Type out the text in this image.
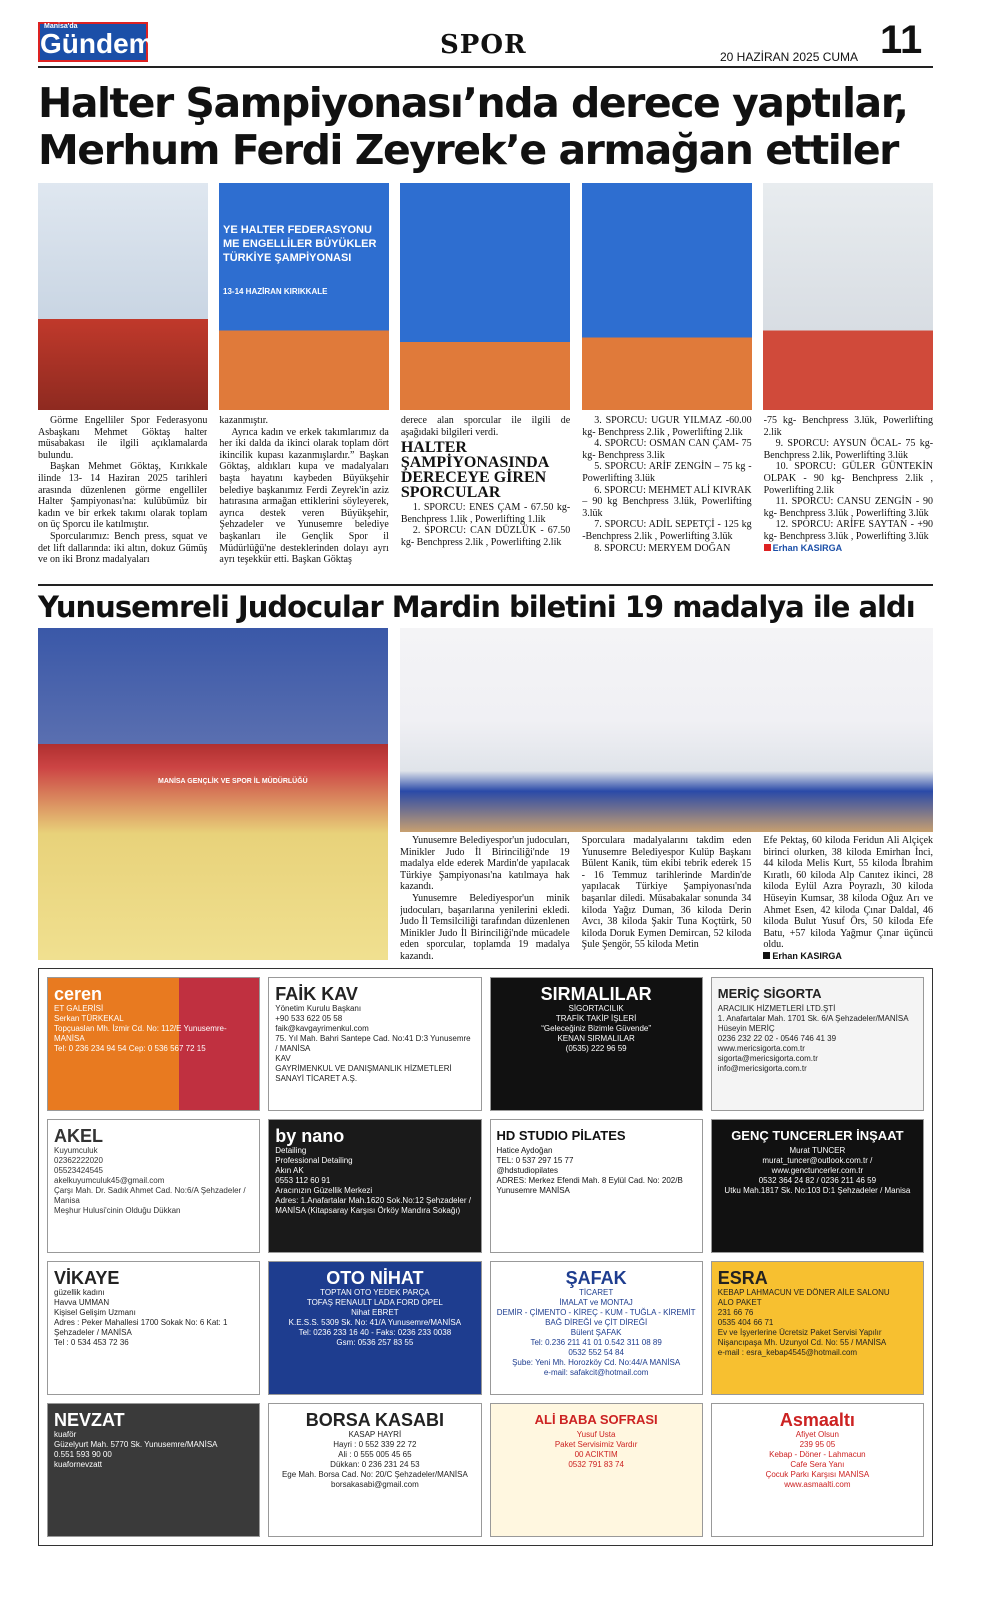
Manisa'da
Gündem	SPOR	20 HAZİRAN 2025 CUMA 11
Halter Şampiyonası’nda derece yaptılar,
Merhum Ferdi Zeyrek’e armağan ettiler
YE HALTER FEDERASYONU
ME ENGELLİLER BÜYÜKLER
TÜRKİYE ŞAMPİYONASI
13-14 HAZİRAN KIRIKKALE

Görme Engelliler Spor Federasyonu Asbaşkanı Mehmet Göktaş halter müsabakası ile ilgili açıklamalarda bulundu.

Başkan Mehmet Göktaş, Kırıkkale ilinde 13- 14 Haziran 2025 tarihleri arasında düzenlenen görme engelliler Halter Şampiyonası'na: kulübümüz bir kadın ve bir erkek takımı olarak toplam on üç Sporcu ile katılmıştır.

Sporcularımız: Bench press, squat ve det lift dallarında: iki altın, dokuz Gümüş ve on iki Bronz madalyaları

kazanmıştır.

Ayrıca kadın ve erkek takımlarımız da her iki dalda da ikinci olarak toplam dört ikincilik kupası kazanmışlardır.” Başkan Göktaş, aldıkları kupa ve madalyaları başta hayatını kaybeden Büyükşehir belediye başkanımız Ferdi Zeyrek'in aziz hatırasına armağan ettiklerini söyleyerek, ayrıca destek veren Büyükşehir, Şehzadeler ve Yunusemre belediye başkanları ile Gençlik Spor il Müdürlüğü'ne desteklerinden dolayı ayrı ayrı teşekkür etti. Başkan Göktaş

derece alan sporcular ile ilgili de aşağıdaki bilgileri verdi.

HALTER ŞAMPİYONASINDA DERECEYE GİREN SPORCULAR

1. SPORCU: ENES ÇAM - 67.50 kg- Benchpress 1.lik , Powerlifting 1.lik

2. SPORCU: CAN DÜZLÜK - 67.50 kg- Benchpress 2.lik , Powerlifting 2.lik

3. SPORCU: UĞUR YILMAZ -60.00 kg- Benchpress 2.lik , Powerlifting 2.lik

4. SPORCU: OSMAN CAN ÇAM- 75 kg- Benchpress 3.lik

5. SPORCU: ARİF ZENGİN – 75 kg - Powerlifting 3.lük

6. SPORCU: MEHMET ALİ KIVRAK – 90 kg Benchpress 3.lük, Powerlifting 3.lük

7. SPORCU: ADİL SEPETÇİ - 125 kg -Benchpress 2.lik , Powerlifting 3.lük

8. SPORCU: MERYEM DOĞAN

-75 kg- Benchpress 3.lük, Powerlifting 2.lik

9. SPORCU: AYSUN ÖCAL- 75 kg- Benchpress 2.lik, Powerlifting 3.lük

10. SPORCU: GÜLER GÜNTEKİN OLPAK - 90 kg- Benchpress 2.lik , Powerlifting 2.lik

11. SPORCU: CANSU ZENGİN - 90 kg- Benchpress 3.lük , Powerlifting 3.lük

12. SPORCU: ARİFE SAYTAN - +90 kg- Benchpress 3.lük , Powerlifting 3.lük

Erhan KASIRGA
Yunusemreli Judocular Mardin biletini 19 madalya ile aldı
MANİSA GENÇLİK VE SPOR İL MÜDÜRLÜĞÜ

Yunusemre Belediyespor'un judocuları, Minikler Judo İl Birinciliği'nde 19 madalya elde ederek Mardin'de yapılacak Türkiye Şampiyonası'na katılmaya hak kazandı.

Yunusemre Belediyespor'un minik judocuları, başarılarına yenilerini ekledi. Judo İl Temsilciliği tarafından düzenlenen Minikler Judo İl Birinciliği'nde mücadele eden sporcular, toplamda 19 madalya kazandı.

Sporculara madalyalarını takdim eden Yunusemre Belediyespor Kulüp Başkanı Bülent Kanik, tüm ekibi tebrik ederek 15 - 16 Temmuz tarihlerinde Mardin'de yapılacak Türkiye Şampiyonası'nda başarılar diledi. Müsabakalar sonunda 34 kiloda Yağız Duman, 36 kiloda Derin Avcı, 38 kiloda Şakir Tuna Koçtürk, 50 kiloda Doruk Eymen Demircan, 52 kiloda Şule Şengör, 55 kiloda Metin

Efe Pektaş, 60 kiloda Feridun Ali Alçiçek birinci olurken, 38 kiloda Emirhan İnci, 44 kiloda Melis Kurt, 55 kiloda İbrahim Kıratlı, 60 kiloda Alp Canıtez ikinci, 28 kiloda Eylül Azra Poyrazlı, 30 kiloda Hüseyin Kumsar, 38 kiloda Oğuz Arı ve Ahmet Esen, 42 kiloda Çınar Daldal, 46 kiloda Bulut Yusuf Örs, 50 kiloda Efe Batu, +57 kiloda Yağmur Çınar üçüncü oldu.

Erhan KASIRGA
ceren
ET GALERİSİ
Serkan TÜRKEKAL
Topçuaslan Mh. İzmir Cd. No: 112/E Yunusemre-MANİSA
Tel: 0 236 234 94 54 Cep: 0 536 567 72 15
FAİK KAV
Yönetim Kurulu Başkanı
+90 533 622 05 58
faik@kavgayrimenkul.com
75. Yıl Mah. Bahri Santepe Cad. No:41 D:3 Yunusemre / MANİSA
KAV
GAYRİMENKUL VE DANIŞMANLIK HİZMETLERİ SANAYİ TİCARET A.Ş.
SIRMALILAR
SİGORTACILIK
TRAFİK TAKİP İŞLERİ
“Geleceğiniz Bizimle Güvende”
KENAN SIRMALILAR
(0535) 222 96 59
MERİÇ SİGORTA
ARACILIK HİZMETLERİ LTD.ŞTİ
1. Anafartalar Mah. 1701 Sk. 6/A Şehzadeler/MANİSA
Hüseyin MERİÇ
0236 232 22 02 - 0546 746 41 39
www.mericsigorta.com.tr
sigorta@mericsigorta.com.tr
info@mericsigorta.com.tr
AKEL
Kuyumculuk
02362222020
05523424545
akelkuyumculuk45@gmail.com
Çarşı Mah. Dr. Sadık Ahmet Cad. No:6/A Şehzadeler / Manisa
Meşhur Hulusi'cinin Olduğu Dükkan
by nano
Detailing
Professional Detailing
Akın AK
0553 112 60 91
Aracınızın Güzellik Merkezi
Adres: 1.Anafartalar Mah.1620 Sok.No:12 Şehzadeler / MANİSA (Kitapsaray Karşısı Örköy Mandıra Sokağı)
HD STUDIO PİLATES
Hatice Aydoğan
TEL: 0 537 297 15 77
@hdstudiopilates
ADRES: Merkez Efendi Mah. 8 Eylül Cad. No: 202/B
Yunusemre MANİSA
GENÇ TUNCERLER İNŞAAT
Murat TUNCER
murat_tuncer@outlook.com.tr / www.genctuncerler.com.tr
0532 364 24 82 / 0236 211 46 59
Utku Mah.1817 Sk. No:103 D:1 Şehzadeler / Manisa
VİKAYE
güzellik kadını
Havva UMMAN
Kişisel Gelişim Uzmanı
Adres : Peker Mahallesi 1700 Sokak No: 6 Kat: 1 Şehzadeler / MANİSA
Tel : 0 534 453 72 36
OTO NİHAT
TOPTAN OTO YEDEK PARÇA
TOFAŞ RENAULT LADA FORD OPEL
Nihat EBRET
K.E.S.S. 5309 Sk. No: 41/A Yunusemre/MANİSA
Tel: 0236 233 16 40 - Faks: 0236 233 0038
Gsm: 0536 257 83 55
ŞAFAK
TİCARET
İMALAT ve MONTAJ
DEMİR - ÇİMENTO - KİREÇ - KUM - TUĞLA - KİREMİT
BAĞ DİREĞİ ve ÇİT DİREĞİ
Bülent ŞAFAK
Tel: 0.236 211 41 01 0.542 311 08 89
0532 552 54 84
Şube: Yeni Mh. Horozköy Cd. No:44/A MANİSA
e-mail: safakcit@hotmail.com
ESRA
KEBAP LAHMACUN VE DÖNER AİLE SALONU
ALO PAKET
231 66 76
0535 404 66 71
Ev ve İşyerlerine Ücretsiz Paket Servisi Yapılır
Nişancıpaşa Mh. Uzunyol Cd. No: 55 / MANİSA
e-mail : esra_kebap4545@hotmail.com
NEVZAT
kuaför
Güzelyurt Mah. 5770 Sk. Yunusemre/MANİSA
0.551 593 90 00
kuafornevzatt
BORSA KASABI
KASAP HAYRİ
Hayri : 0 552 339 22 72
Ali : 0 555 005 45 65
Dükkan: 0 236 231 24 53
Ege Mah. Borsa Cad. No: 20/C Şehzadeler/MANİSA
borsakasabi@gmail.com
ALİ BABA SOFRASI
Yusuf Usta
Paket Servisimiz Vardır
00 ACIKTIM
0532 791 83 74
Asmaaltı
Afiyet Olsun
239 95 05
Kebap - Döner - Lahmacun
Cafe Sera Yanı
Çocuk Parkı Karşısı MANİSA
www.asmaalti.com
